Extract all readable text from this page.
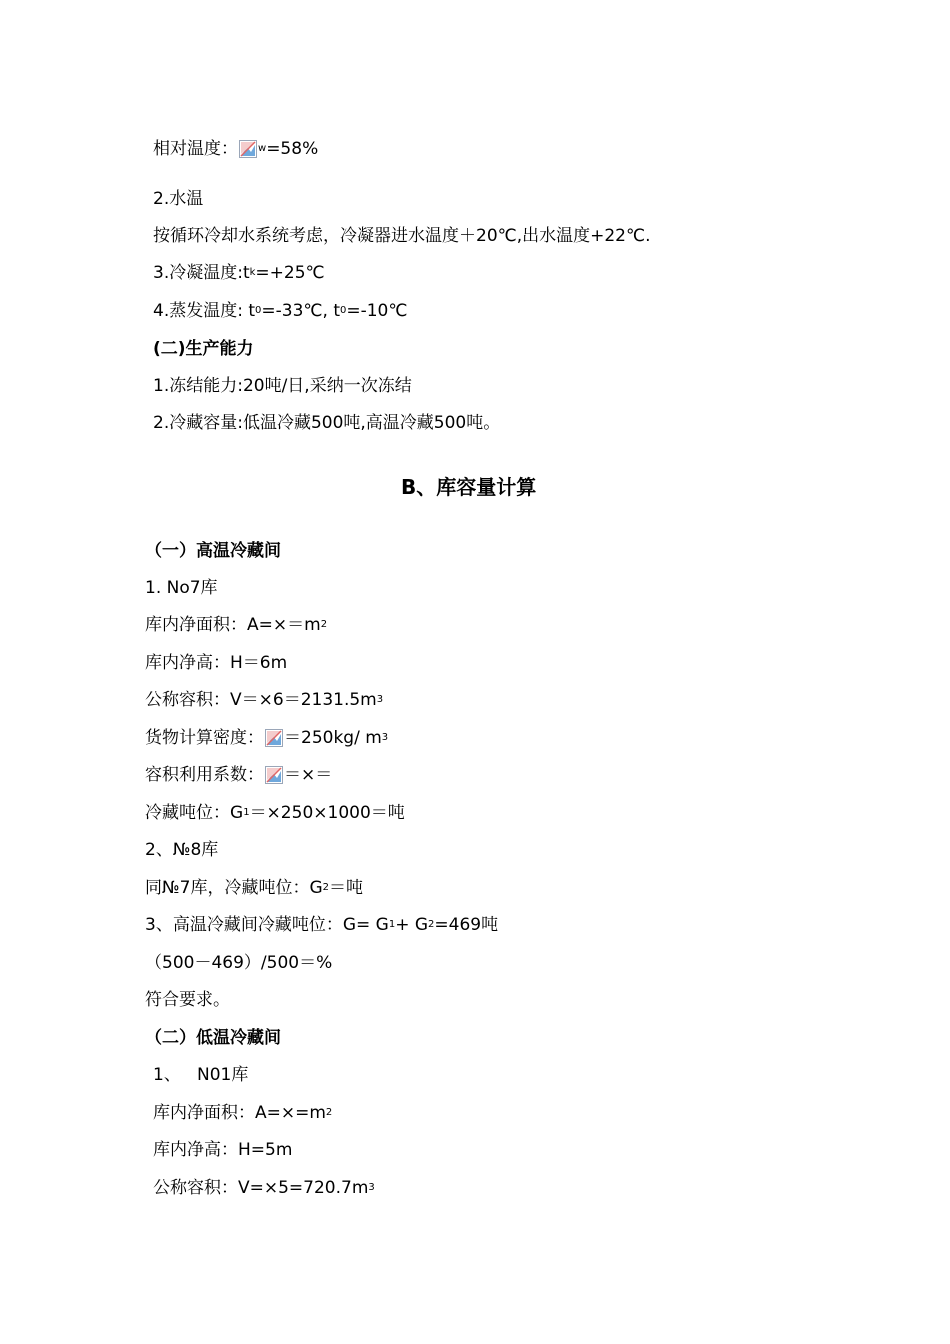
相对温度： w =58%
2.水温
按循环冷却水系统考虑，冷凝器进水温度＋20℃,出水温度+22℃.
3.冷凝温度:t k =+25℃
4.蒸发温度: t 0 =-33℃, t 0 =-10℃
(二)生产能力
1.冻结能力:20吨/日,采纳一次冻结
2.冷藏容量:低温冷藏500吨,高温冷藏500吨。
B、库容量计算
（一）高温冷藏间
1. No7库
库内净面积：A=×＝m 2
库内净高：H＝6m
公称容积：V＝×6＝2131.5m 3
货物计算密度： ＝250kg/ m 3
容积利用系数： ＝×＝
冷藏吨位：G 1 ＝×250×1000＝吨
2、№8库
同№7库，冷藏吨位：G 2 ＝吨
3、高温冷藏间冷藏吨位：G= G 1 + G 2 =469吨
（500－469）/500＝%
符合要求。
（二）低温冷藏间
1、   N01库
库内净面积：A=×=m 2
库内净高：H=5m
公称容积：V=×5=720.7m 3
